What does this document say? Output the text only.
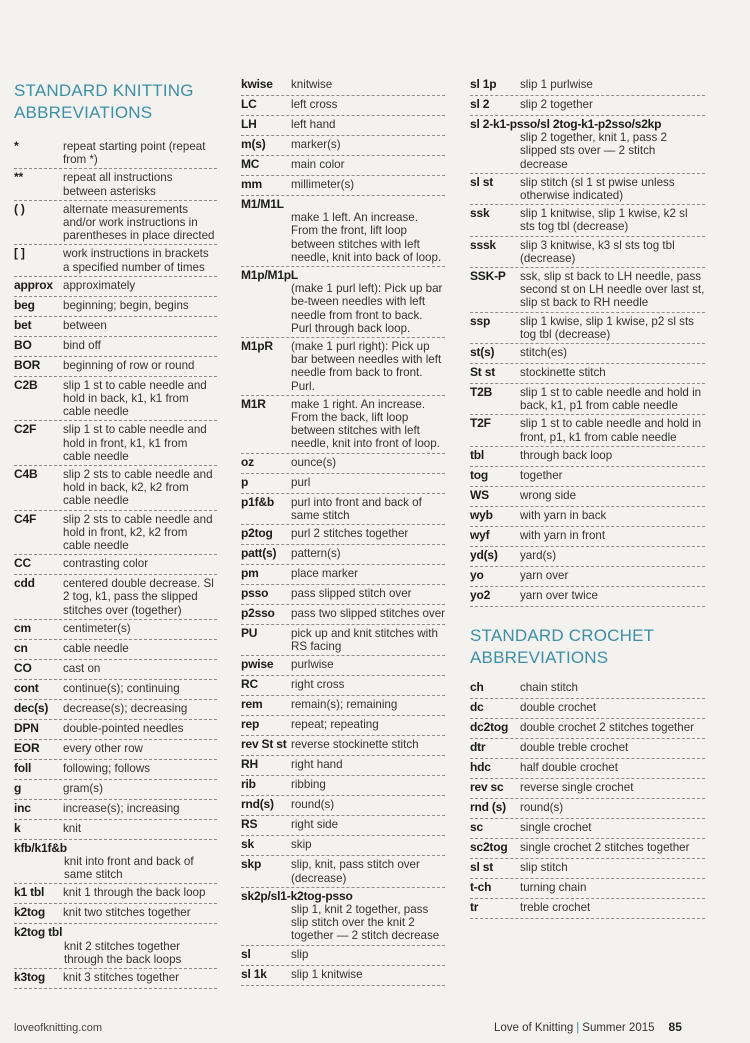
STANDARD KNITTING
ABBREVIATIONS
*	repeat starting point (repeat from *)
**	repeat all instructions between asterisks
( )	alternate measurements and/or work instructions in parentheses in place directed
[ ]	work instructions in brackets a specified number of times
approx approximately
beg	beginning; begin, begins
bet	between
BO	bind off
BOR	beginning of row or round
C2B	slip 1 st to cable needle and hold in back, k1, k1 from cable needle
C2F	slip 1 st to cable needle and hold in front, k1, k1 from cable needle
C4B	slip 2 sts to cable needle and hold in back, k2, k2 from cable needle
C4F	slip 2 sts to cable needle and hold in front, k2, k2 from cable needle
CC	contrasting color
cdd	centered double decrease. Sl 2 tog, k1, pass the slipped stitches over (together)
cm	centimeter(s)
cn	cable needle
CO	cast on
cont	continue(s); continuing
dec(s)	decrease(s); decreasing
DPN	double-pointed needles
EOR	every other row
foll	following; follows
g	gram(s)
inc	increase(s); increasing
k	knit
kfb/k1f&b
knit into front and back of same stitch
k1 tbl	knit 1 through the back loop
k2tog	knit two stitches together
k2tog tbl
knit 2 stitches together through the back loops
k3tog	knit 3 stitches together
kwise	knitwise
LC	left cross
LH	left hand
m(s)	marker(s)
MC	main color
mm	millimeter(s)
M1/M1L
make 1 left. An increase. From the front, lift loop between stitches with left needle, knit into back of loop.
M1p/M1pL
(make 1 purl left): Pick up bar be-tween needles with left needle from front to back. Purl through back loop.
M1pR	(make 1 purl right): Pick up bar between needles with left needle from back to front. Purl.
M1R	make 1 right. An increase. From the back, lift loop between stitches with left needle, knit into front of loop.
oz	ounce(s)
p	purl
p1f&b	purl into front and back of same stitch
p2tog	purl 2 stitches together
patt(s)	pattern(s)
pm	place marker
psso	pass slipped stitch over
p2sso	pass two slipped stitches over
PU	pick up and knit stitches with RS facing
pwise	purlwise
RC	right cross
rem	remain(s); remaining
rep	repeat; repeating
rev St st reverse stockinette stitch
RH	right hand
rib	ribbing
rnd(s)	round(s)
RS	right side
sk	skip
skp	slip, knit, pass stitch over (decrease)
sk2p/sl1-k2tog-psso
slip 1, knit 2 together, pass slip stitch over the knit 2 together — 2 stitch decrease
sl	slip
sl 1k	slip 1 knitwise
sl 1p	slip 1 purlwise
sl 2	slip 2 together
sl 2-k1-psso/sl 2tog-k1-p2sso/s2kp
slip 2 together, knit 1, pass 2 slipped sts over — 2 stitch decrease
sl st	slip stitch (sl 1 st pwise unless otherwise indicated)
ssk	slip 1 knitwise, slip 1 kwise, k2 sl sts tog tbl (decrease)
sssk	slip 3 knitwise, k3 sl sts tog tbl (decrease)
SSK-P	ssk, slip st back to LH needle, pass second st on LH needle over last st, slip st back to RH needle
ssp	slip 1 kwise, slip 1 kwise, p2 sl sts tog tbl (decrease)
st(s)	stitch(es)
St st	stockinette stitch
T2B	slip 1 st to cable needle and hold in back, k1, p1 from cable needle
T2F	slip 1 st to cable needle and hold in front, p1, k1 from cable needle
tbl	through back loop
tog	together
WS	wrong side
wyb	with yarn in back
wyf	with yarn in front
yd(s)	yard(s)
yo	yarn over
yo2	yarn over twice
STANDARD CROCHET
ABBREVIATIONS
ch	chain stitch
dc	double crochet
dc2tog	double crochet 2 stitches together
dtr	double treble crochet
hdc	half double crochet
rev sc	reverse single crochet
rnd (s)	round(s)
sc	single crochet
sc2tog	single crochet 2 stitches together
sl st	slip stitch
t-ch	turning chain
tr	treble crochet
loveofknitting.com	Love of Knitting | Summer 2015 85
